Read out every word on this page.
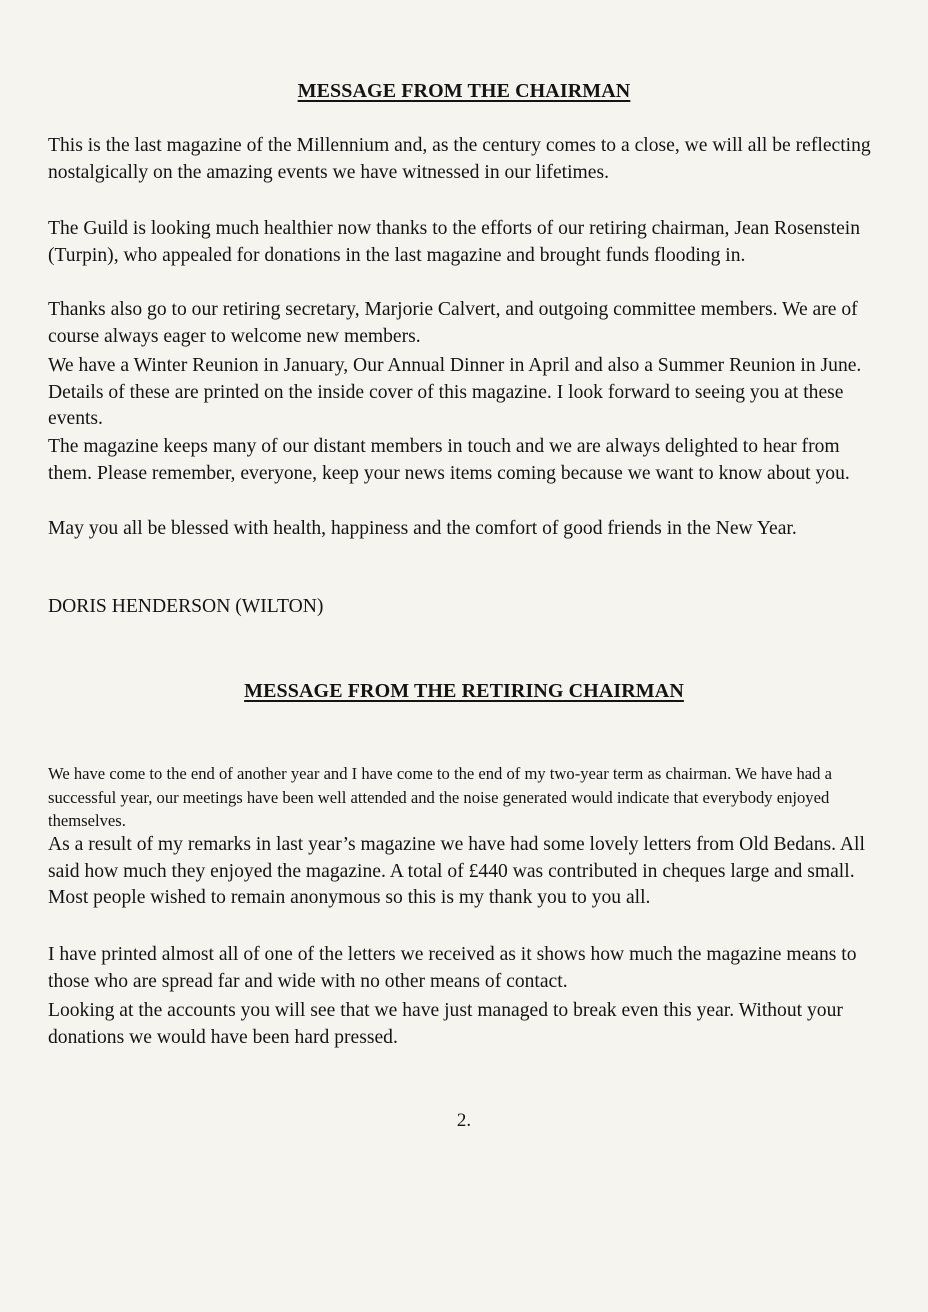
MESSAGE FROM THE CHAIRMAN

This is the last magazine of the Millennium and, as the century comes to a close, we will all be reflecting nostalgically on the amazing events we have witnessed in our lifetimes.

The Guild is looking much healthier now thanks to the efforts of our retiring chairman, Jean Rosenstein (Turpin), who appealed for donations in the last magazine and brought funds flooding in.

Thanks also go to our retiring secretary, Marjorie Calvert, and outgoing committee members. We are of course always eager to welcome new members.

We have a Winter Reunion in January, Our Annual Dinner in April and also a Summer Reunion in June. Details of these are printed on the inside cover of this magazine. I look forward to seeing you at these events.

The magazine keeps many of our distant members in touch and we are always delighted to hear from them. Please remember, everyone, keep your news items coming because we want to know about you.

May you all be blessed with health, happiness and the comfort of good friends in the New Year.

DORIS HENDERSON (WILTON)

MESSAGE FROM THE RETIRING CHAIRMAN

We have come to the end of another year and I have come to the end of my two-year term as chairman. We have had a successful year, our meetings have been well attended and the noise generated would indicate that everybody enjoyed themselves.

As a result of my remarks in last year’s magazine we have had some lovely letters from Old Bedans. All said how much they enjoyed the magazine. A total of £440 was contributed in cheques large and small. Most people wished to remain anonymous so this is my thank you to you all.

I have printed almost all of one of the letters we received as it shows how much the magazine means to those who are spread far and wide with no other means of contact.

Looking at the accounts you will see that we have just managed to break even this year. Without your donations we would have been hard pressed.

2.
